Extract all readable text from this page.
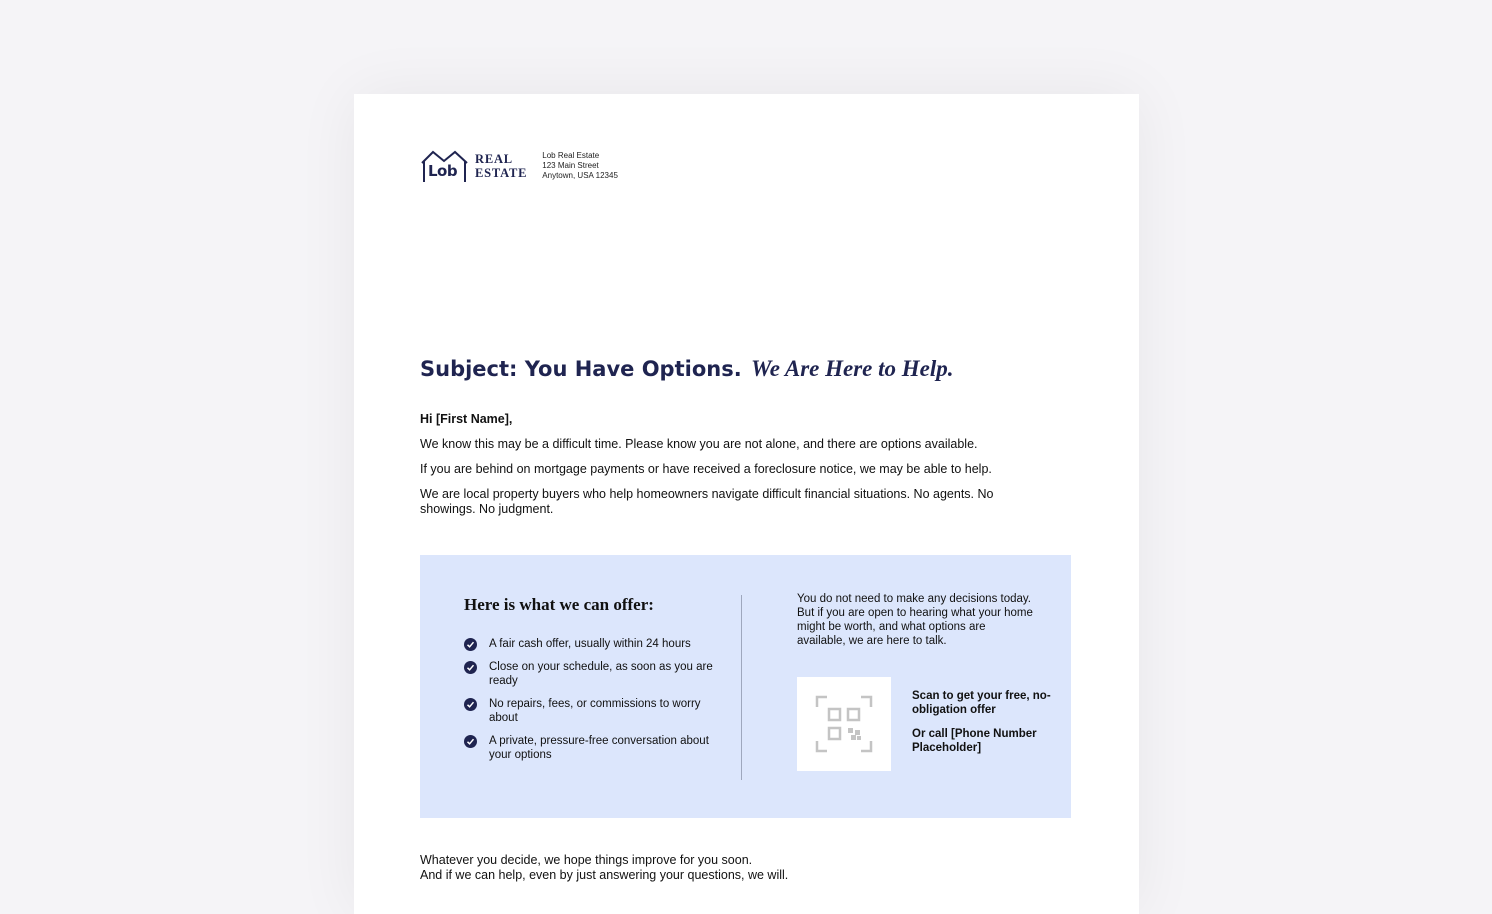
Lob
REAL
ESTATE
Lob Real Estate
123 Main Street
Anytown, USA 12345
Subject: You Have Options. We Are Here to Help.
Hi [First Name],
We know this may be a difficult time. Please know you are not alone, and there are options available.
If you are behind on mortgage payments or have received a foreclosure notice, we may be able to help.
We are local property buyers who help homeowners navigate difficult financial situations. No agents. No showings. No judgment.
Here is what we can offer:
A fair cash offer, usually within 24 hours
Close on your schedule, as soon as you are ready
No repairs, fees, or commissions to worry about
A private, pressure-free conversation about your options
You do not need to make any decisions today. But if you are open to hearing what your home might be worth, and what options are available, we are here to talk.
Scan to get your free, no-obligation offer
Or call [Phone Number Placeholder]
Whatever you decide, we hope things improve for you soon.
And if we can help, even by just answering your questions, we will.
